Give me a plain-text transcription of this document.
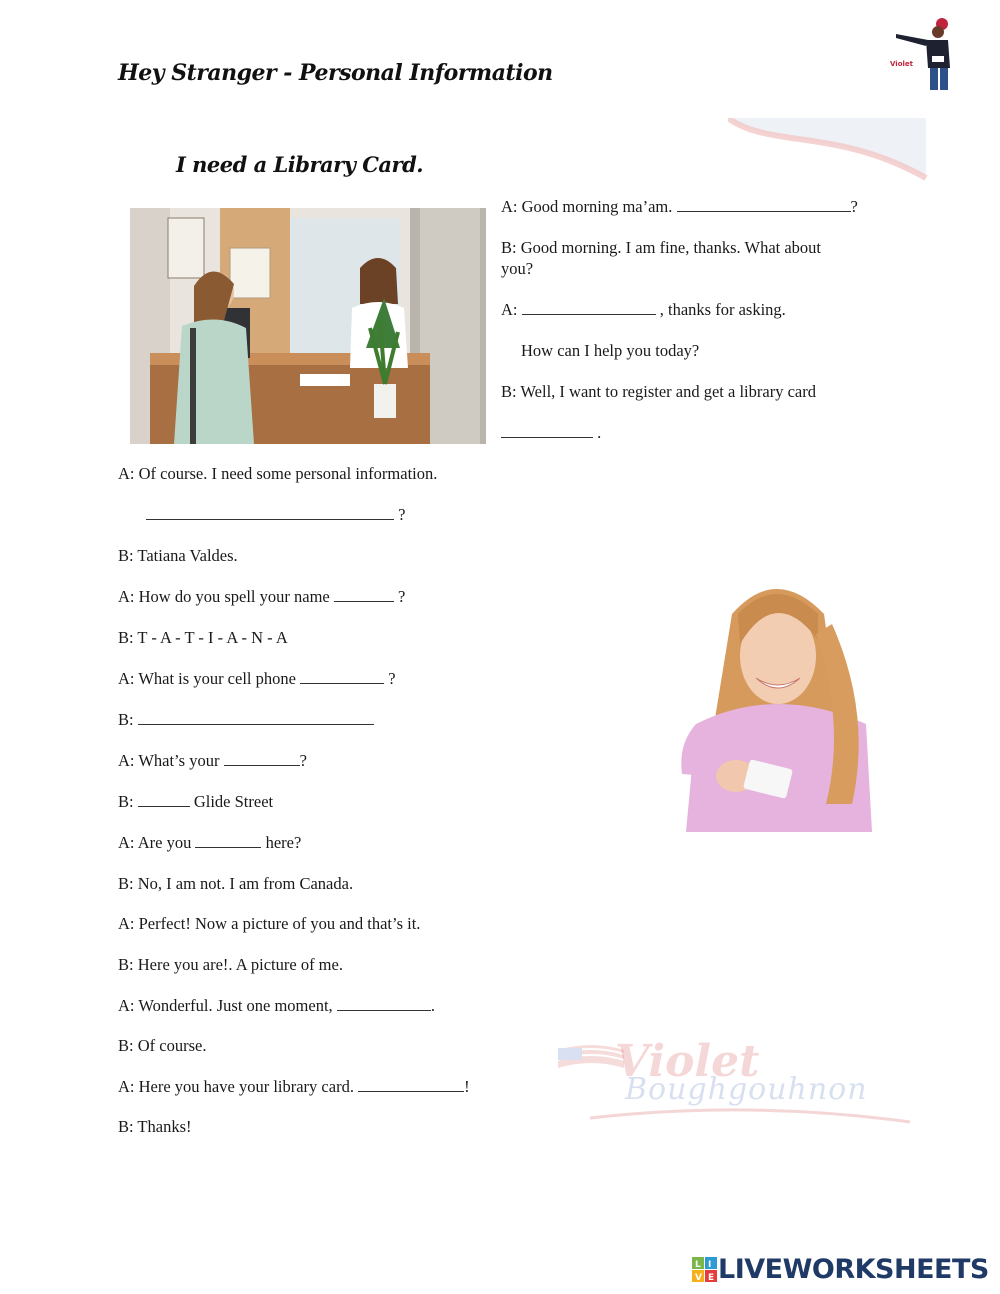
Hey Stranger - Personal Information
I need a Library Card.
Violet

A: Good morning ma’am.	?

B: Good morning. I am fine, thanks. What about

you?

A:	, thanks for asking.

How can I help you today?

B: Well, I want to register and get a library card

.

A: Of course. I need some personal information.

?

B: Tatiana Valdes.

A: How do you spell your name	?

B: T - A - T - I - A - N - A

A: What is your cell phone	?

B:

A: What’s your	?

B:	Glide Street

A: Are you	here?

B: No, I am not. I am from Canada.

A: Perfect! Now a picture of you and that’s it.

B: Here you are!. A picture of me.

A: Wonderful. Just one moment,	.

B: Of course.

A: Here you have your library card.	!

B: Thanks!

Violet
Boughgouhnon
L I
V E LIVEWORKSHEETS
